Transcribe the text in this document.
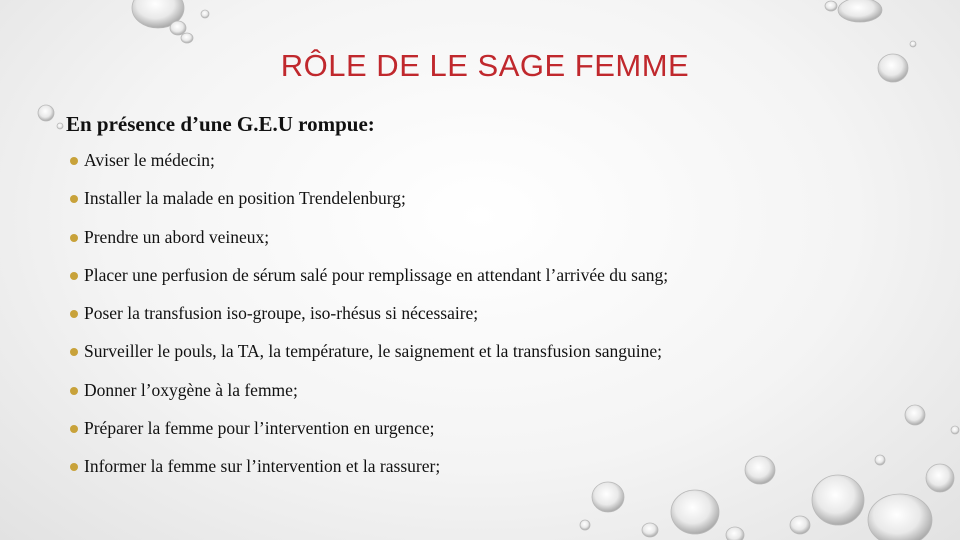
RÔLE DE LE SAGE FEMME

En présence d’une G.E.U rompue:

Aviser le médecin;
Installer la malade en position Trendelenburg;
Prendre un abord veineux;
Placer une perfusion de sérum salé pour remplissage en attendant l’arrivée du sang;
Poser la transfusion iso-groupe, iso-rhésus si nécessaire;
Surveiller le pouls, la TA, la température, le saignement et la transfusion sanguine;
Donner l’oxygène à la femme;
Préparer la femme pour l’intervention en urgence;
Informer la femme sur l’intervention et la rassurer;
